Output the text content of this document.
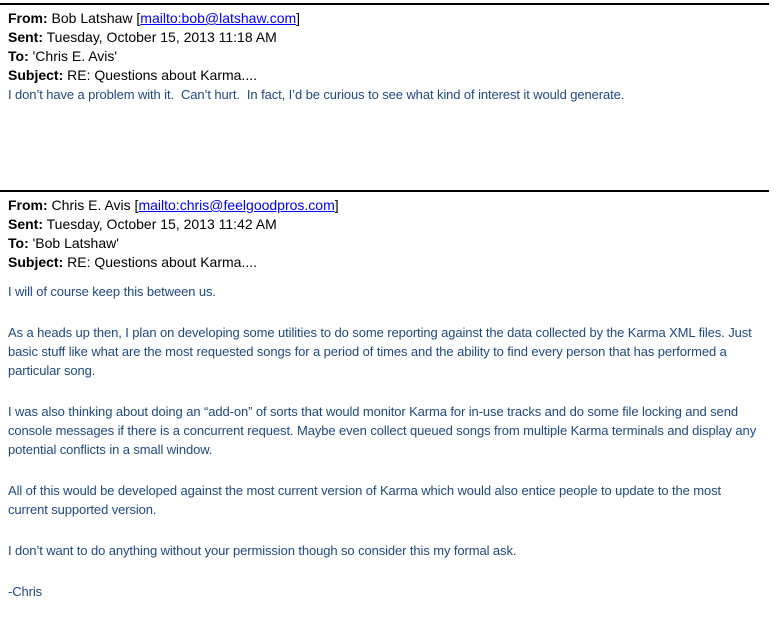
From: Bob Latshaw [mailto:bob@latshaw.com]
Sent: Tuesday, October 15, 2013 11:18 AM
To: 'Chris E. Avis'
Subject: RE: Questions about Karma....

I don’t have a problem with it.  Can’t hurt.  In fact, I’d be curious to see what kind of interest it would generate.

From: Chris E. Avis [mailto:chris@feelgoodpros.com]
Sent: Tuesday, October 15, 2013 11:42 AM
To: 'Bob Latshaw'
Subject: RE: Questions about Karma....

I will of course keep this between us.

As a heads up then, I plan on developing some utilities to do some reporting against the data collected by the Karma XML files. Just basic stuff like what are the most requested songs for a period of times and the ability to find every person that has performed a particular song.

I was also thinking about doing an “add-on” of sorts that would monitor Karma for in-use tracks and do some file locking and send console messages if there is a concurrent request. Maybe even collect queued songs from multiple Karma terminals and display any potential conflicts in a small window.

All of this would be developed against the most current version of Karma which would also entice people to update to the most current supported version.

I don’t want to do anything without your permission though so consider this my formal ask.

-Chris
